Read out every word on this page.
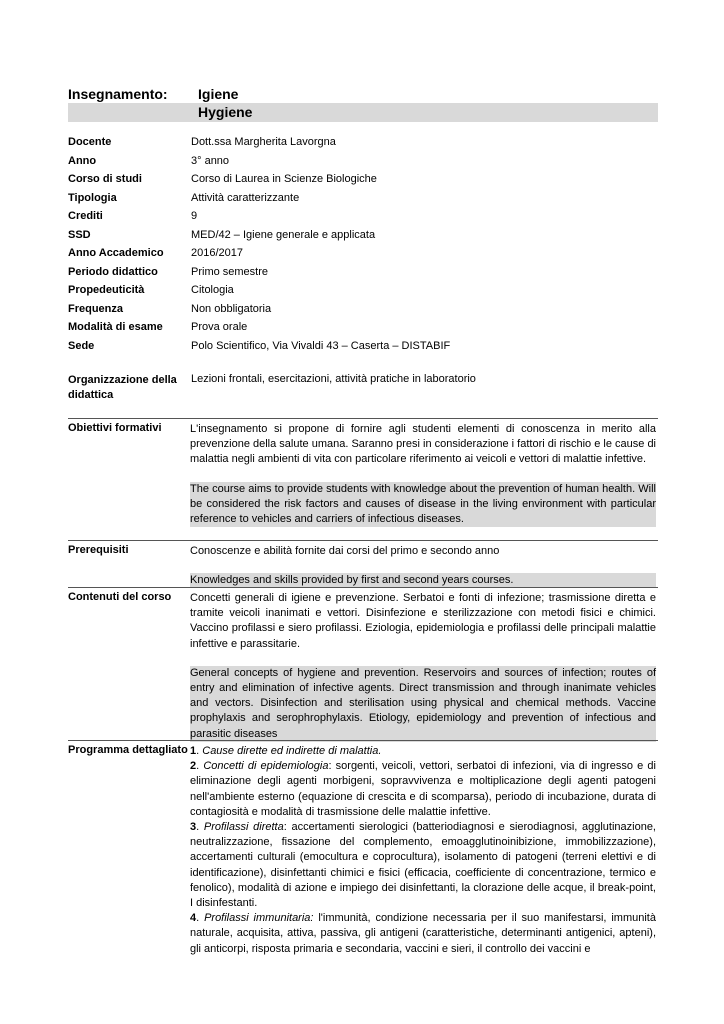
Insegnamento: Igiene
Hygiene
Docente	Dott.ssa Margherita Lavorgna
Anno	3° anno
Corso di studi	Corso di Laurea in Scienze Biologiche
Tipologia	Attività caratterizzante
Crediti	9
SSD	MED/42 – Igiene generale e applicata
Anno Accademico 2016/2017
Periodo didattico	Primo semestre
Propedeuticità	Citologia
Frequenza	Non obbligatoria
Modalità di esame	Prova orale
Sede	Polo Scientifico, Via Vivaldi 43 – Caserta – DISTABIF
Organizzazione della didattica
Lezioni frontali, esercitazioni, attività pratiche in laboratorio
Obiettivi formativi	L'insegnamento si propone di fornire agli studenti elementi di conoscenza in merito alla prevenzione della salute umana. Saranno presi in considerazione i fattori di rischio e le cause di malattia negli ambienti di vita con particolare riferimento ai veicoli e vettori di malattie infettive.
The course aims to provide students with knowledge about the prevention of human health. Will be considered the risk factors and causes of disease in the living environment with particular reference to vehicles and carriers of infectious diseases.
Prerequisiti	Conoscenze e abilità fornite dai corsi del primo e secondo anno
Knowledges and skills provided by first and second years courses.
Contenuti del corso Concetti generali di igiene e prevenzione. Serbatoi e fonti di infezione; trasmissione diretta e tramite veicoli inanimati e vettori. Disinfezione e sterilizzazione con metodi fisici e chimici. Vaccino profilassi e siero profilassi. Eziologia, epidemiologia e profilassi delle principali malattie infettive e parassitarie.
General concepts of hygiene and prevention. Reservoirs and sources of infection; routes of entry and elimination of infective agents. Direct transmission and through inanimate vehicles and vectors. Disinfection and sterilisation using physical and chemical methods. Vaccine prophylaxis and serophrophylaxis. Etiology, epidemiology and prevention of infectious and parasitic diseases
Programma dettagliato 1. Cause dirette ed indirette di malattia.

2. Concetti di epidemiologia: sorgenti, veicoli, vettori, serbatoi di infezioni, via di ingresso e di eliminazione degli agenti morbigeni, sopravvivenza e moltiplicazione degli agenti patogeni nell'ambiente esterno (equazione di crescita e di scomparsa), periodo di incubazione, durata di contagiosità e modalità di trasmissione delle malattie infettive.

3. Profilassi diretta: accertamenti sierologici (batteriodiagnosi e sierodiagnosi, agglutinazione, neutralizzazione, fissazione del complemento, emoagglutinoinibizione, immobilizzazione), accertamenti culturali (emocultura e coprocultura), isolamento di patogeni (terreni elettivi e di identificazione), disinfettanti chimici e fisici (efficacia, coefficiente di concentrazione, termico e fenolico), modalità di azione e impiego dei disinfettanti, la clorazione delle acque, il break-point, I disinfestanti.

4. Profilassi immunitaria: l'immunità, condizione necessaria per il suo manifestarsi, immunità naturale, acquisita, attiva, passiva, gli antigeni (caratteristiche, determinanti antigenici, apteni), gli anticorpi, risposta primaria e secondaria, vaccini e sieri, il controllo dei vaccini e
